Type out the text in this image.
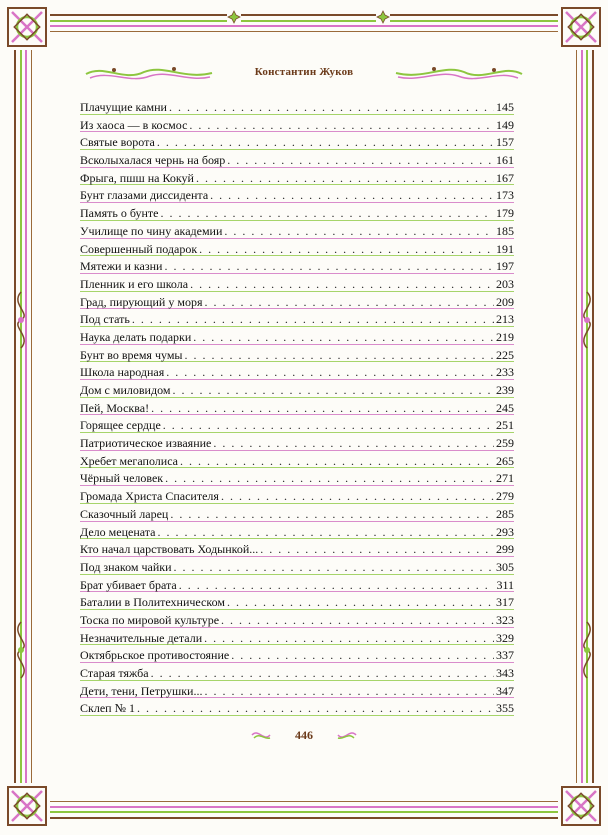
Константин Жуков
Плачущие камни . . .	145
Из хаоса — в космос . . .	149
Святые ворота . . .	157
Всколыхалася чернь на бояр . . .	161
Фрыга, пшш на Кокуй . . .	167
Бунт глазами диссидента . . .	173
Память о бунте . . .	179
Училище по чину академии . . .	185
Совершенный подарок . . .	191
Мятежи и казни . . .	197
Пленник и его школа . . .	203
Град, пирующий у моря . . .	209
Под стать . . .	213
Наука делать подарки . . .	219
Бунт во время чумы . . .	225
Школа народная . . .	233
Дом с миловидом . . .	239
Пей, Москва! . . .	245
Горящее сердце . . .	251
Патриотическое изваяние . . .	259
Хребет мегаполиса . . .	265
Чёрный человек . . .	271
Громада Христа Спасителя . . .	279
Сказочный ларец . . .	285
Дело мецената . . .	293
Кто начал царствовать Ходынкой... . . .	299
Под знаком чайки . . .	305
Брат убивает брата . . .	311
Баталии в Политехническом . . .	317
Тоска по мировой культуре . . .	323
Незначительные детали . . .	329
Октябрьское противостояние . . .	337
Старая тяжба . . .	343
Дети, тени, Петрушки... . . .	347
Склеп № 1 . . .	355
446
